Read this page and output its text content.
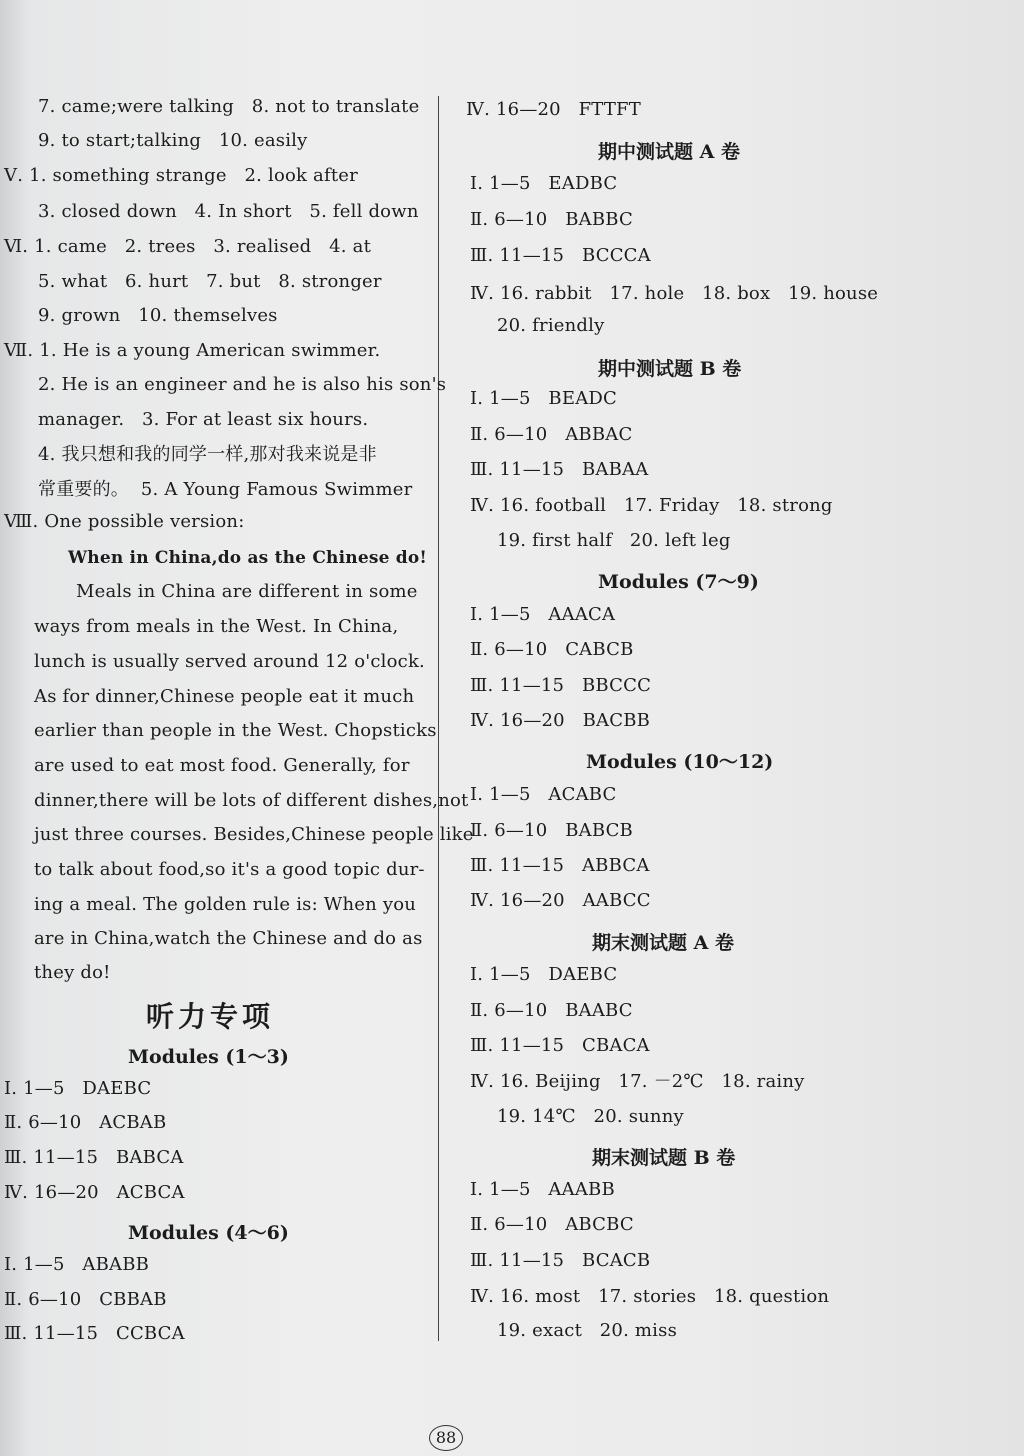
7. came;were talking   8. not to translate
9. to start;talking   10. easily
Ⅴ. 1. something strange   2. look after
3. closed down   4. In short   5. fell down
Ⅵ. 1. came   2. trees   3. realised   4. at
5. what   6. hurt   7. but   8. stronger
9. grown   10. themselves
Ⅶ. 1. He is a young American swimmer.
2. He is an engineer and he is also his son's
manager.   3. For at least six hours.
4. 我只想和我的同学一样,那对我来说是非
常重要的。  5. A Young Famous Swimmer
Ⅷ. One possible version:
When in China,do as the Chinese do!
Meals in China are different in some
ways from meals in the West. In China,
lunch is usually served around 12 o'clock.
As for dinner,Chinese people eat it much
earlier than people in the West. Chopsticks
are used to eat most food. Generally, for
dinner,there will be lots of different dishes,not
just three courses. Besides,Chinese people like
to talk about food,so it's a good topic dur-
ing a meal. The golden rule is: When you
are in China,watch the Chinese and do as
they do!
听力专项
Modules (1～3)
Ⅰ. 1—5   DAEBC
Ⅱ. 6—10   ACBAB
Ⅲ. 11—15   BABCA
Ⅳ. 16—20   ACBCA
Modules (4～6)
Ⅰ. 1—5   ABABB
Ⅱ. 6—10   CBBAB
Ⅲ. 11—15   CCBCA
Ⅳ. 16—20   FTTFT
期中测试题 A 卷
Ⅰ. 1—5   EADBC
Ⅱ. 6—10   BABBC
Ⅲ. 11—15   BCCCA
Ⅳ. 16. rabbit   17. hole   18. box   19. house
20. friendly
期中测试题 B 卷
Ⅰ. 1—5   BEADC
Ⅱ. 6—10   ABBAC
Ⅲ. 11—15   BABAA
Ⅳ. 16. football   17. Friday   18. strong
19. first half   20. left leg
Modules (7～9)
Ⅰ. 1—5   AAACA
Ⅱ. 6—10   CABCB
Ⅲ. 11—15   BBCCC
Ⅳ. 16—20   BACBB
Modules (10～12)
Ⅰ. 1—5   ACABC
Ⅱ. 6—10   BABCB
Ⅲ. 11—15   ABBCA
Ⅳ. 16—20   AABCC
期末测试题 A 卷
Ⅰ. 1—5   DAEBC
Ⅱ. 6—10   BAABC
Ⅲ. 11—15   CBACA
Ⅳ. 16. Beijing   17. －2℃   18. rainy
19. 14℃   20. sunny
期末测试题 B 卷
Ⅰ. 1—5   AAABB
Ⅱ. 6—10   ABCBC
Ⅲ. 11—15   BCACB
Ⅳ. 16. most   17. stories   18. question
19. exact   20. miss
88
